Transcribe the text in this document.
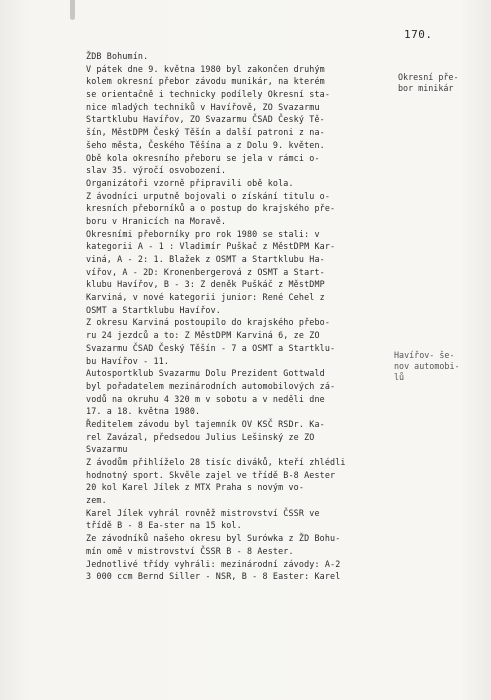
170.
Okresní pře-
bor minikár
Havířov- še-
nov automobi-
lů
ŽDB Bohumín.
V pátek dne 9. května 1980 byl zakončen druhým
kolem okresní přebor závodu munikár, na kterém
se orientačně i technicky podílely Okresní sta-
nice mladých techniků v Havířově, ZO Svazarmu
Startklubu Havířov, ZO Svazarmu ČSAD Český Tě-
šín, MěstDPM Český Těšín a další patroni z na-
šeho města, Českého Těšína a z Dolu 9. květen.
Obě kola okresního přeboru se jela v rámci o-
slav 35. výročí osvobození.
Organizátoři vzorně připravili obě kola.
Z ávodníci urputně bojovali o získání titulu o-
kresních přeborníků a o postup do krajského pře-
boru v Hranicích na Moravě.
Okresními přeborníky pro rok 1980 se stali: v
kategorii A - 1 : Vladimír Puškač z MěstDPM Kar-
viná, A - 2: 1. Blažek z OSMT a Startklubu Ha-
vířov, A - 2D: Kronenbergerová z OSMT a Start-
klubu Havířov, B - 3: Z deněk Puškáč z MěstDMP
Karviná, v nové kategorii junior: René Cehel z
OSMT a Startklubu Havířov.
Z okresu Karviná postoupilo do krajského přebo-
ru 24 jezdců a to: Z MěstDPM Karviná 6, ze ZO
Svazarmu ČSAD Český Těšín - 7 a OSMT a Startklu-
bu Havířov - 11.
Autosportklub Svazarmu Dolu Prezident Gottwald
byl pořadatelem mezinárodních automobilových zá-
vodů na okruhu 4 320 m v sobotu a v neděli dne
17. a 18. května 1980.
Ředitelem závodu byl tajemník OV KSČ RSDr. Ka-
rel Zavázal, předsedou Julius Lešinský ze ZO
Svazarmu
Z ávodům přihlíželo 28 tisíc diváků, kteří zhlédli
hodnotný sport. Skvěle zajel ve třídě B-8 Aester
20 kol Karel Jílek z MTX Praha s novým vo-
zem.
Karel Jílek vyhrál rovněž mistrovství ČSSR ve
třídě B - 8 Ea-ster na 15 kol.
Ze závodníků našeho okresu byl Surówka z ŽD Bohu-
mín omě v mistrovství ČSSR B - 8 Aester.
Jednotlivé třídy vyhráli: mezinárodní závody: A-2
3 000 ccm Bernd Siller - NSR, B - 8 Easter: Karel
